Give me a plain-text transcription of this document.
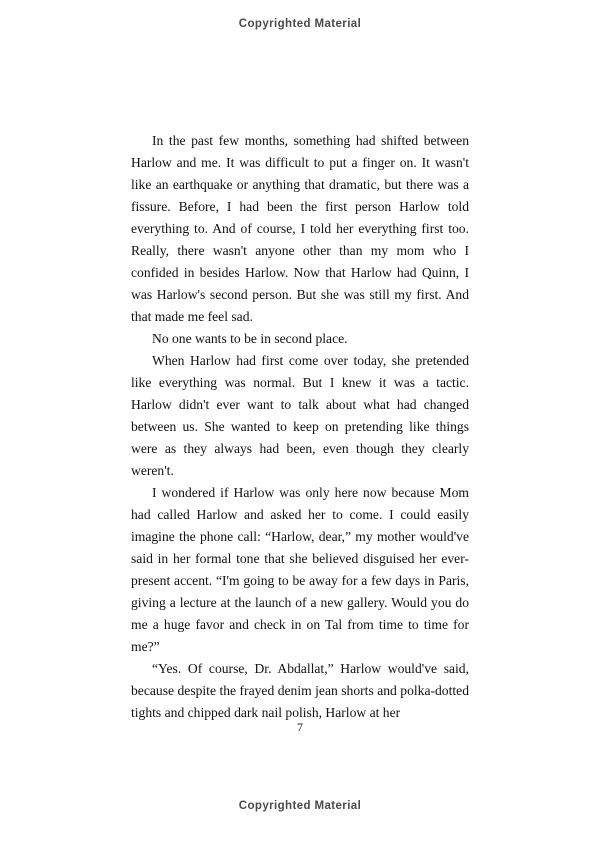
Copyrighted Material

In the past few months, something had shifted between Harlow and me. It was difficult to put a finger on. It wasn't like an earthquake or anything that dramatic, but there was a fissure. Before, I had been the first person Harlow told everything to. And of course, I told her everything first too. Really, there wasn't anyone other than my mom who I confided in besides Harlow. Now that Harlow had Quinn, I was Harlow's second person. But she was still my first. And that made me feel sad.

No one wants to be in second place.

When Harlow had first come over today, she pretended like everything was normal. But I knew it was a tactic. Harlow didn't ever want to talk about what had changed between us. She wanted to keep on pretending like things were as they always had been, even though they clearly weren't.

I wondered if Harlow was only here now because Mom had called Harlow and asked her to come. I could easily imagine the phone call: “Harlow, dear,” my mother would've said in her formal tone that she believed disguised her ever-present accent. “I'm going to be away for a few days in Paris, giving a lecture at the launch of a new gallery. Would you do me a huge favor and check in on Tal from time to time for me?”

“Yes. Of course, Dr. Abdallat,” Harlow would've said, because despite the frayed denim jean shorts and polka-dotted tights and chipped dark nail polish, Harlow at her

7
Copyrighted Material
